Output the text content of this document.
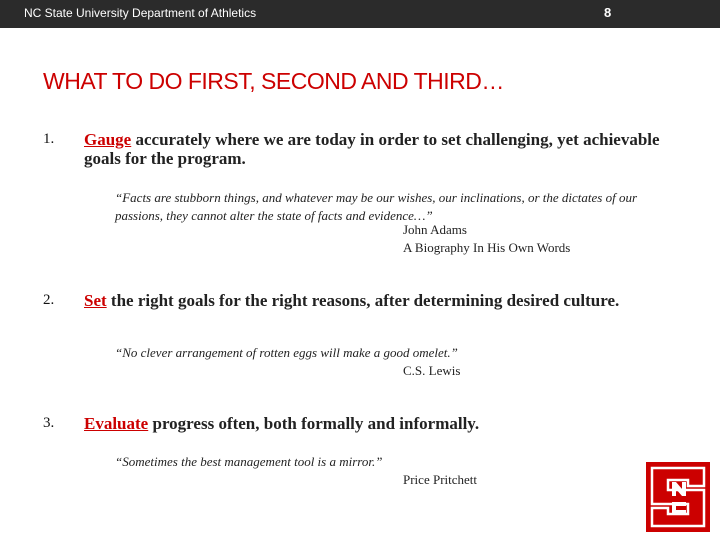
NC State University Department of Athletics	8
WHAT TO DO FIRST, SECOND AND THIRD…
1. Gauge accurately where we are today in order to set challenging, yet achievable goals for the program.
“Facts are stubborn things, and whatever may be our wishes, our inclinations, or the dictates of our passions, they cannot alter the state of facts and evidence…”
John Adams
A Biography In His Own Words
2. Set the right goals for the right reasons, after determining desired culture.
“No clever arrangement of rotten eggs will make a good omelet.”
C.S. Lewis
3. Evaluate progress often, both formally and informally.
“Sometimes the best management tool is a mirror.”
Price Pritchett
